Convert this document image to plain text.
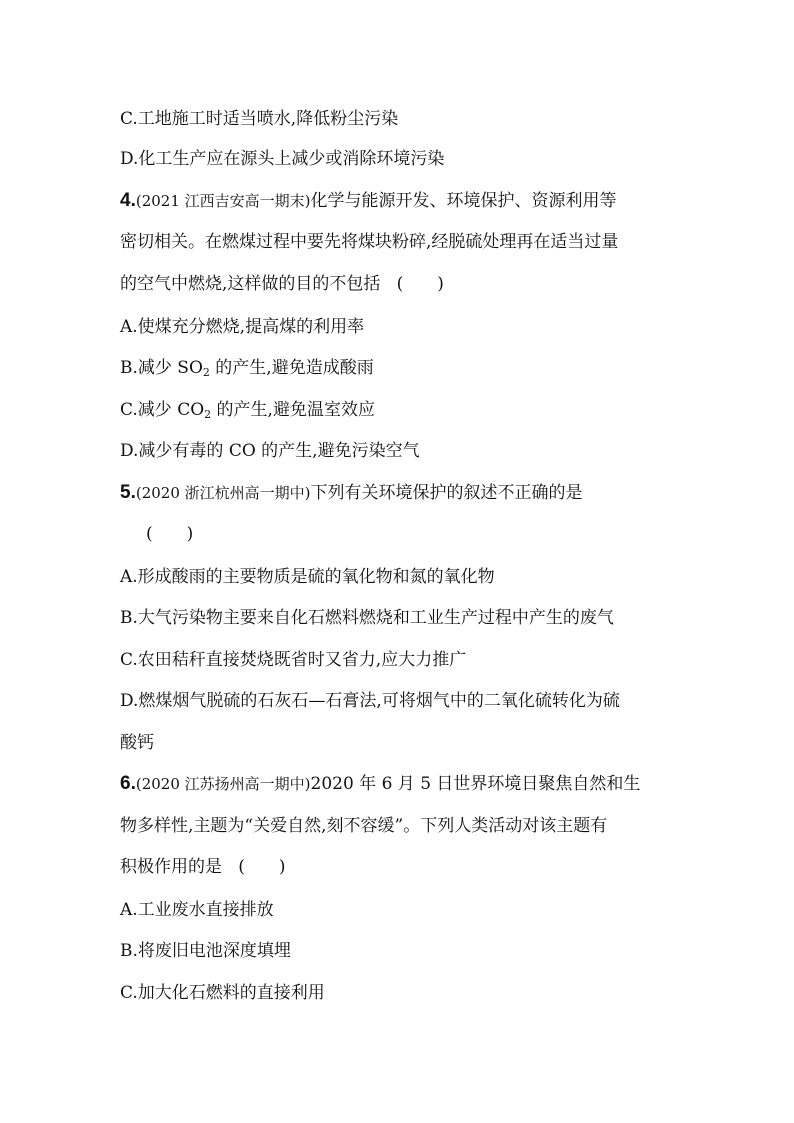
C.工地施工时适当喷水,降低粉尘污染
D.化工生产应在源头上减少或消除环境污染
4.(2021 江西吉安高一期末)化学与能源开发、环境保护、资源利用等
密切相关。在燃煤过程中要先将煤块粉碎,经脱硫处理再在适当过量
的空气中燃烧,这样做的目的不包括 (　　)
A.使煤充分燃烧,提高煤的利用率
B.减少 $SO_2$ 的产生,避免造成酸雨
C.减少 $CO_2$ 的产生,避免温室效应
D.减少有毒的 CO 的产生,避免污染空气
5.(2020 浙江杭州高一期中)下列有关环境保护的叙述不正确的是
(　　)
A.形成酸雨的主要物质是硫的氧化物和氮的氧化物
B.大气污染物主要来自化石燃料燃烧和工业生产过程中产生的废气
C.农田秸秆直接焚烧既省时又省力,应大力推广
D.燃煤烟气脱硫的石灰石—石膏法,可将烟气中的二氧化硫转化为硫
酸钙
6.(2020 江苏扬州高一期中)2020 年 6 月 5 日世界环境日聚焦自然和生
物多样性,主题为“关爱自然,刻不容缓”。下列人类活动对该主题有
积极作用的是 (　　)
A.工业废水直接排放
B.将废旧电池深度填埋
C.加大化石燃料的直接利用
